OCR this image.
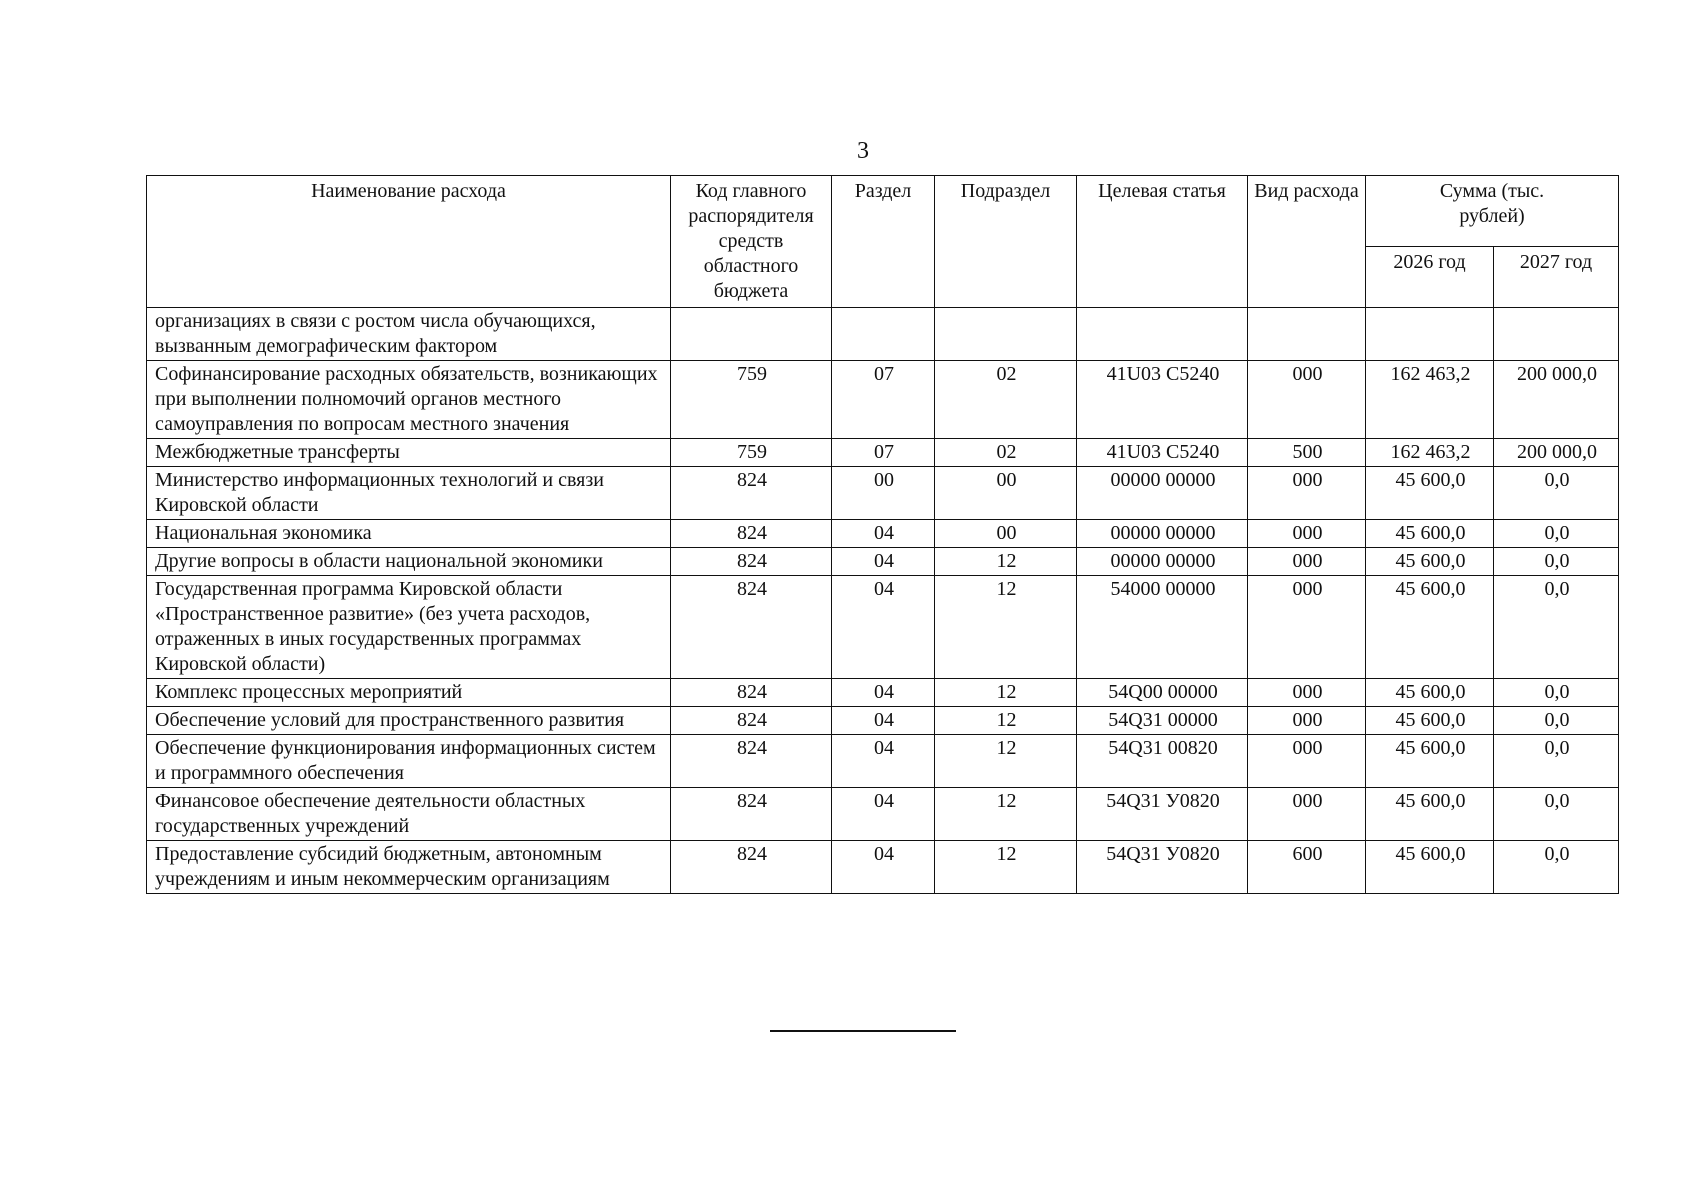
3
Наименование расхода	Код главного распорядителя средств областного бюджета	Раздел	Подраздел	Целевая статья	Вид расхода	Сумма (тыс. рублей)	
						2026 год	2027 год
организациях в связи с ростом числа обучающихся, вызванным демографическим фактором							
Софинансирование расходных обязательств, возникающих при выполнении полномочий органов местного самоуправления по вопросам местного значения	759	07	02	41U03 C5240	000	162 463,2	200 000,0
Межбюджетные трансферты	759	07	02	41U03 C5240	500	162 463,2	200 000,0
Министерство информационных технологий и связи Кировской области	824	00	00	00000 00000	000	45 600,0	0,0
Национальная экономика	824	04	00	00000 00000	000	45 600,0	0,0
Другие вопросы в области национальной экономики	824	04	12	00000 00000	000	45 600,0	0,0
Государственная программа Кировской области «Пространственное развитие» (без учета расходов, отраженных в иных государственных программах Кировской области)	824	04	12	54000 00000	000	45 600,0	0,0
Комплекс процессных мероприятий	824	04	12	54Q00 00000	000	45 600,0	0,0
Обеспечение условий для пространственного развития	824	04	12	54Q31 00000	000	45 600,0	0,0
Обеспечение функционирования информационных систем и программного обеспечения	824	04	12	54Q31 00820	000	45 600,0	0,0
Финансовое обеспечение деятельности областных государственных учреждений	824	04	12	54Q31 У0820	000	45 600,0	0,0
Предоставление субсидий бюджетным, автономным учреждениям и иным некоммерческим организациям	824	04	12	54Q31 У0820	600	45 600,0	0,0
